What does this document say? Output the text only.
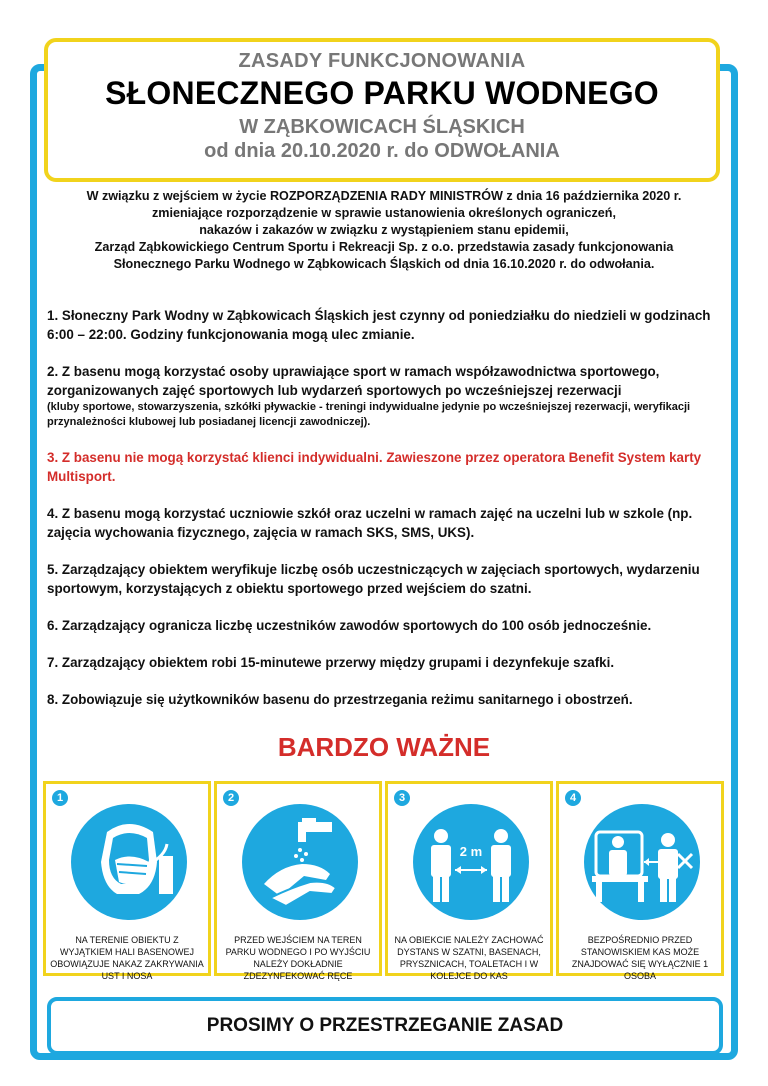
ZASADY FUNKCJONOWANIA
SŁONECZNEGO PARKU WODNEGO
W ZĄBKOWICACH ŚLĄSKICH
od dnia 20.10.2020 r. do ODWOŁANIA
W związku z wejściem w życie ROZPORZĄDZENIA RADY MINISTRÓW z dnia 16 października 2020 r.
zmieniające rozporządzenie w sprawie ustanowienia określonych ograniczeń,
nakazów i zakazów w związku z wystąpieniem stanu epidemii,
Zarząd Ząbkowickiego Centrum Sportu i Rekreacji Sp. z o.o. przedstawia zasady funkcjonowania
Słonecznego Parku Wodnego w Ząbkowicach Śląskich od dnia 16.10.2020 r. do odwołania.
1. Słoneczny Park Wodny w Ząbkowicach Śląskich jest czynny od poniedziałku do niedzieli w godzinach 6:00 – 22:00. Godziny funkcjonowania mogą ulec zmianie.
2. Z basenu mogą korzystać osoby uprawiające sport w ramach współzawodnictwa sportowego, zorganizowanych zajęć sportowych lub wydarzeń sportowych po wcześniejszej rezerwacji
(kluby sportowe, stowarzyszenia, szkółki pływackie - treningi indywidualne jedynie po wcześniejszej rezerwacji, weryfikacji przynależności klubowej lub posiadanej licencji zawodniczej).
3. Z basenu nie mogą korzystać klienci indywidualni. Zawieszone przez operatora Benefit System karty Multisport.
4. Z basenu mogą korzystać uczniowie szkół oraz uczelni w ramach zajęć na uczelni lub w szkole (np. zajęcia wychowania fizycznego, zajęcia w ramach SKS, SMS, UKS).
5. Zarządzający obiektem weryfikuje liczbę osób uczestniczących w zajęciach sportowych, wydarzeniu sportowym, korzystających z obiektu sportowego przed wejściem do szatni.
6. Zarządzający ogranicza liczbę uczestników zawodów sportowych do 100 osób jednocześnie.
7. Zarządzający obiektem robi 15-minutewe przerwy między grupami i dezynfekuje szafki.
8. Zobowiązuje się użytkowników basenu do przestrzegania reżimu sanitarnego i obostrzeń.
BARDZO WAŻNE
1
NA TERENIE OBIEKTU Z WYJĄTKIEM HALI BASENOWEJ OBOWIĄZUJE NAKAZ ZAKRYWANIA UST I NOSA
2
PRZED WEJŚCIEM NA TEREN PARKU WODNEGO I PO WYJŚCIU NALEŻY DOKŁADNIE ZDEZYNFEKOWAĆ RĘCE
3
2 m
NA OBIEKCIE NALEŻY ZACHOWAĆ DYSTANS W SZATNI, BASENACH, PRYSZNICACH, TOALETACH I W KOLEJCE DO KAS
4
BEZPOŚREDNIO PRZED STANOWISKIEM KAS MOŻE ZNAJDOWAĆ SIĘ WYŁĄCZNIE 1 OSOBA
PROSIMY O PRZESTRZEGANIE ZASAD
